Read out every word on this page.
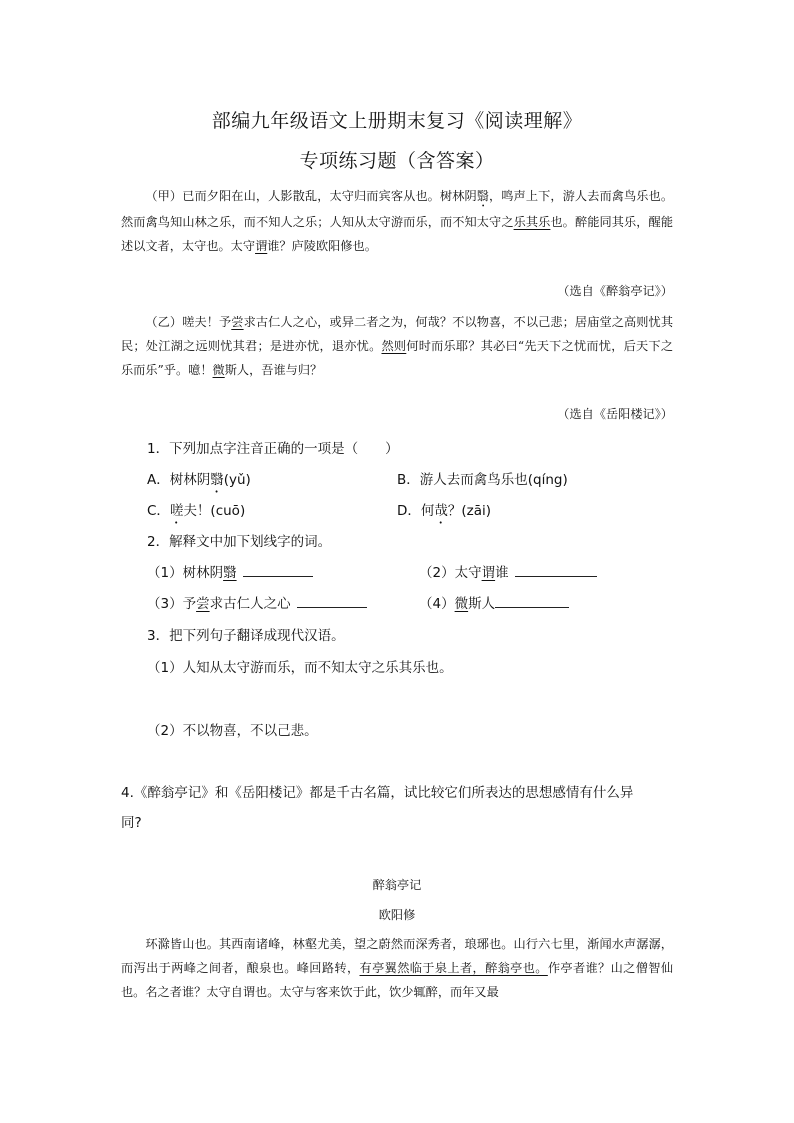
部编九年级语文上册期末复习《阅读理解》
专项练习题（含答案）
（甲）已而夕阳在山，人影散乱，太守归而宾客从也。树林阴翳，鸣声上下，游人去而禽鸟乐也。然而禽鸟知山林之乐，而不知人之乐；人知从太守游而乐，而不知太守之乐其乐也。醉能同其乐，醒能述以文者，太守也。太守谓谁？庐陵欧阳修也。
（选自《醉翁亭记》）
（乙）嗟夫！予尝求古仁人之心，或异二者之为，何哉？不以物喜，不以己悲；居庙堂之高则忧其民；处江湖之远则忧其君；是进亦忧，退亦忧。然则何时而乐耶？其必曰“先天下之忧而忧，后天下之乐而乐”乎。噫！微斯人，吾谁与归？
（选自《岳阳楼记》）
1．下列加点字注音正确的一项是（　　）
A．树林阴翳(yǔ)	B．游人去而禽鸟乐也(qíng)
C．嗟夫！(cuō)	D．何哉？(zāi)
2．解释文中加下划线字的词。
（1）树林阴翳	（2）太守谓谁
（3）予尝求古仁人之心	（4）微斯人
3．把下列句子翻译成现代汉语。
（1）人知从太守游而乐，而不知太守之乐其乐也。
（2）不以物喜，不以己悲。
4.《醉翁亭记》和《岳阳楼记》都是千古名篇，试比较它们所表达的思想感情有什么异
同?
醉翁亭记
欧阳修
环滁皆山也。其西南诸峰，林壑尤美，望之蔚然而深秀者，琅琊也。山行六七里，渐闻水声潺潺，而泻出于两峰之间者，酿泉也。峰回路转，有亭翼然临于泉上者，醉翁亭也。作亭者谁？山之僧智仙也。名之者谁？太守自谓也。太守与客来饮于此，饮少辄醉，而年又最
